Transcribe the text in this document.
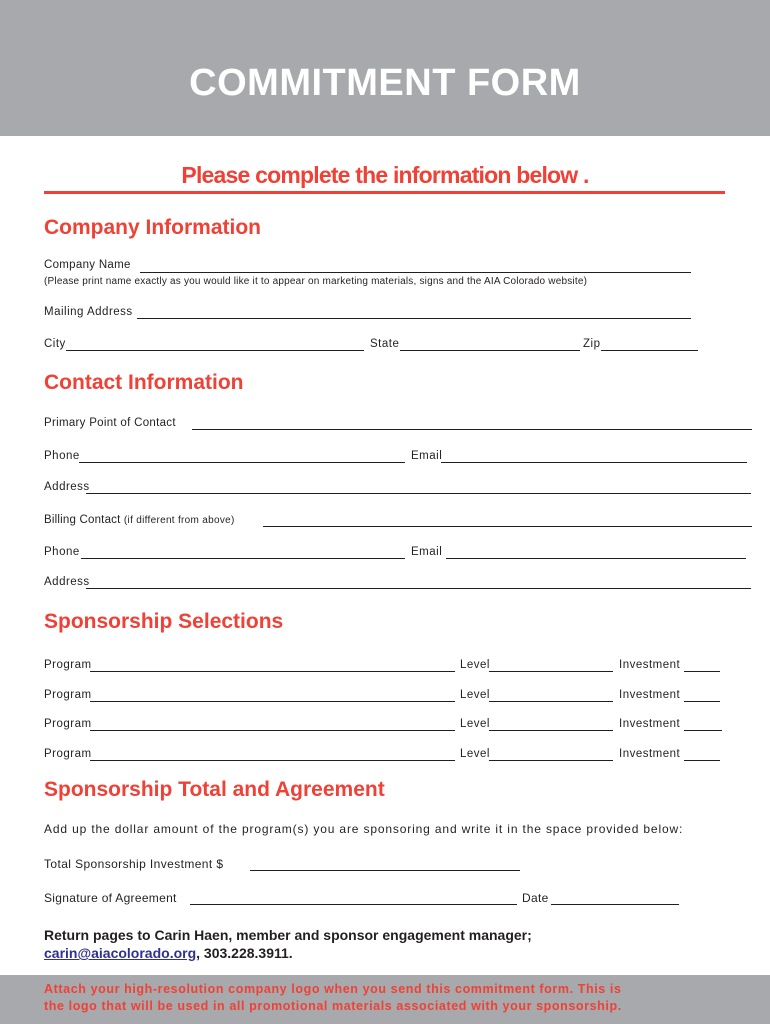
COMMITMENT FORM
Please complete the information below .
Company Information
Company Name
(Please print name exactly as you would like it to appear on marketing materials, signs and the AIA Colorado website)
Mailing Address
City	State	Zip
Contact Information
Primary Point of Contact
Phone	Email
Address
Billing Contact (if different from above)
Phone	Email
Address
Sponsorship Selections
Program	Level	Investment
Program	Level	Investment
Program	Level	Investment
Program	Level	Investment
Sponsorship Total and Agreement
Add up the dollar amount of the program(s) you are sponsoring and write it in the space provided below:
Total Sponsorship Investment $
Signature of Agreement	Date
Return pages to Carin Haen, member and sponsor engagement manager;
carin@aiacolorado.org, 303.228.3911.
Attach your high-resolution company logo when you send this commitment form. This is
the logo that will be used in all promotional materials associated with your sponsorship.
